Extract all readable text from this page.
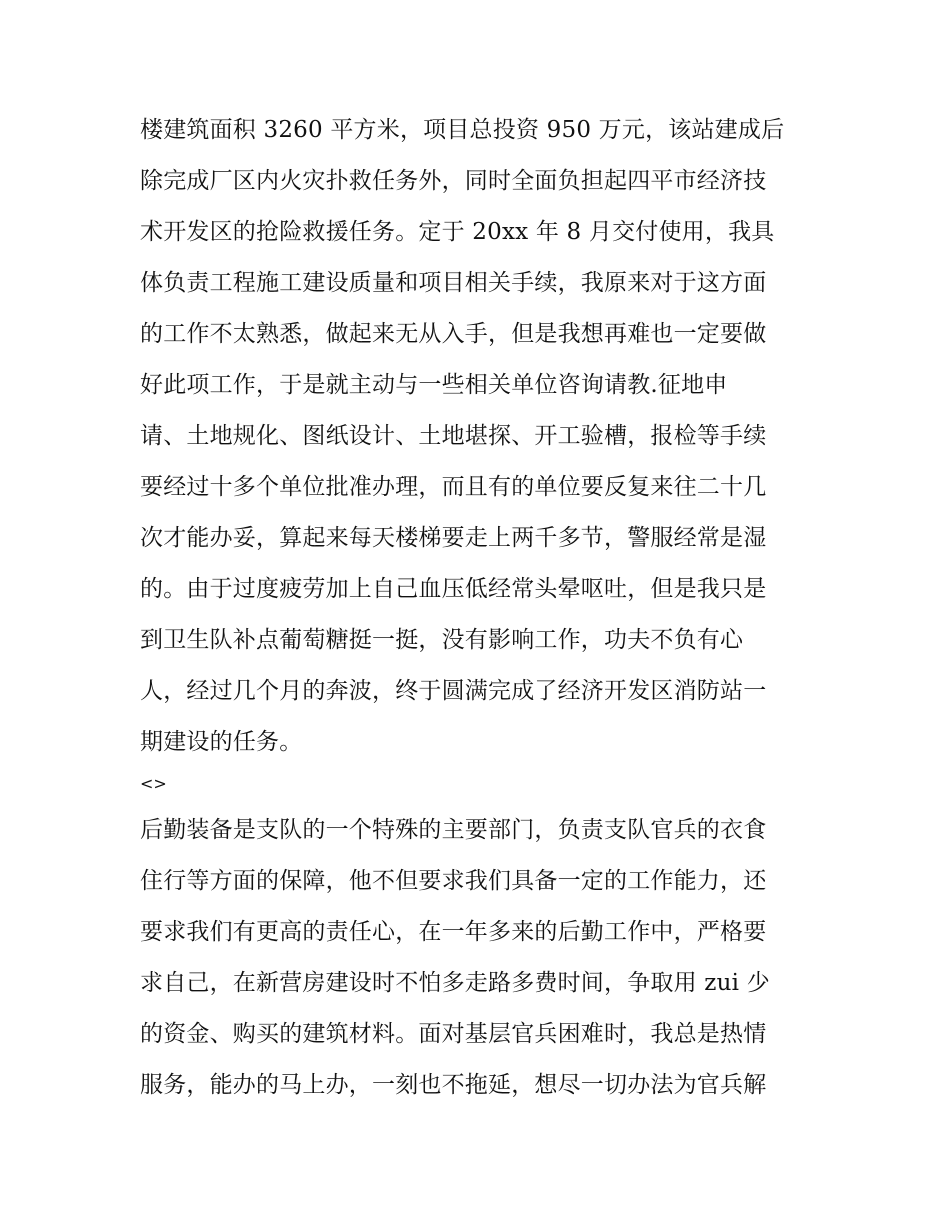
楼建筑面积 3260 平方米，项目总投资 950 万元，该站建成后
除完成厂区内火灾扑救任务外，同时全面负担起四平市经济技
术开发区的抢险救援任务。定于 20xx 年 8 月交付使用，我具
体负责工程施工建设质量和项目相关手续，我原来对于这方面
的工作不太熟悉，做起来无从入手，但是我想再难也一定要做
好此项工作，于是就主动与一些相关单位咨询请教.征地申
请、土地规化、图纸设计、土地堪探、开工验槽，报检等手续
要经过十多个单位批准办理，而且有的单位要反复来往二十几
次才能办妥，算起来每天楼梯要走上两千多节，警服经常是湿
的。由于过度疲劳加上自己血压低经常头晕呕吐，但是我只是
到卫生队补点葡萄糖挺一挺，没有影响工作，功夫不负有心
人，经过几个月的奔波，终于圆满完成了经济开发区消防站一
期建设的任务。
<>
后勤装备是支队的一个特殊的主要部门，负责支队官兵的衣食
住行等方面的保障，他不但要求我们具备一定的工作能力，还
要求我们有更高的责任心，在一年多来的后勤工作中，严格要
求自己，在新营房建设时不怕多走路多费时间，争取用 zui 少
的资金、购买的建筑材料。面对基层官兵困难时，我总是热情
服务，能办的马上办，一刻也不拖延，想尽一切办法为官兵解
